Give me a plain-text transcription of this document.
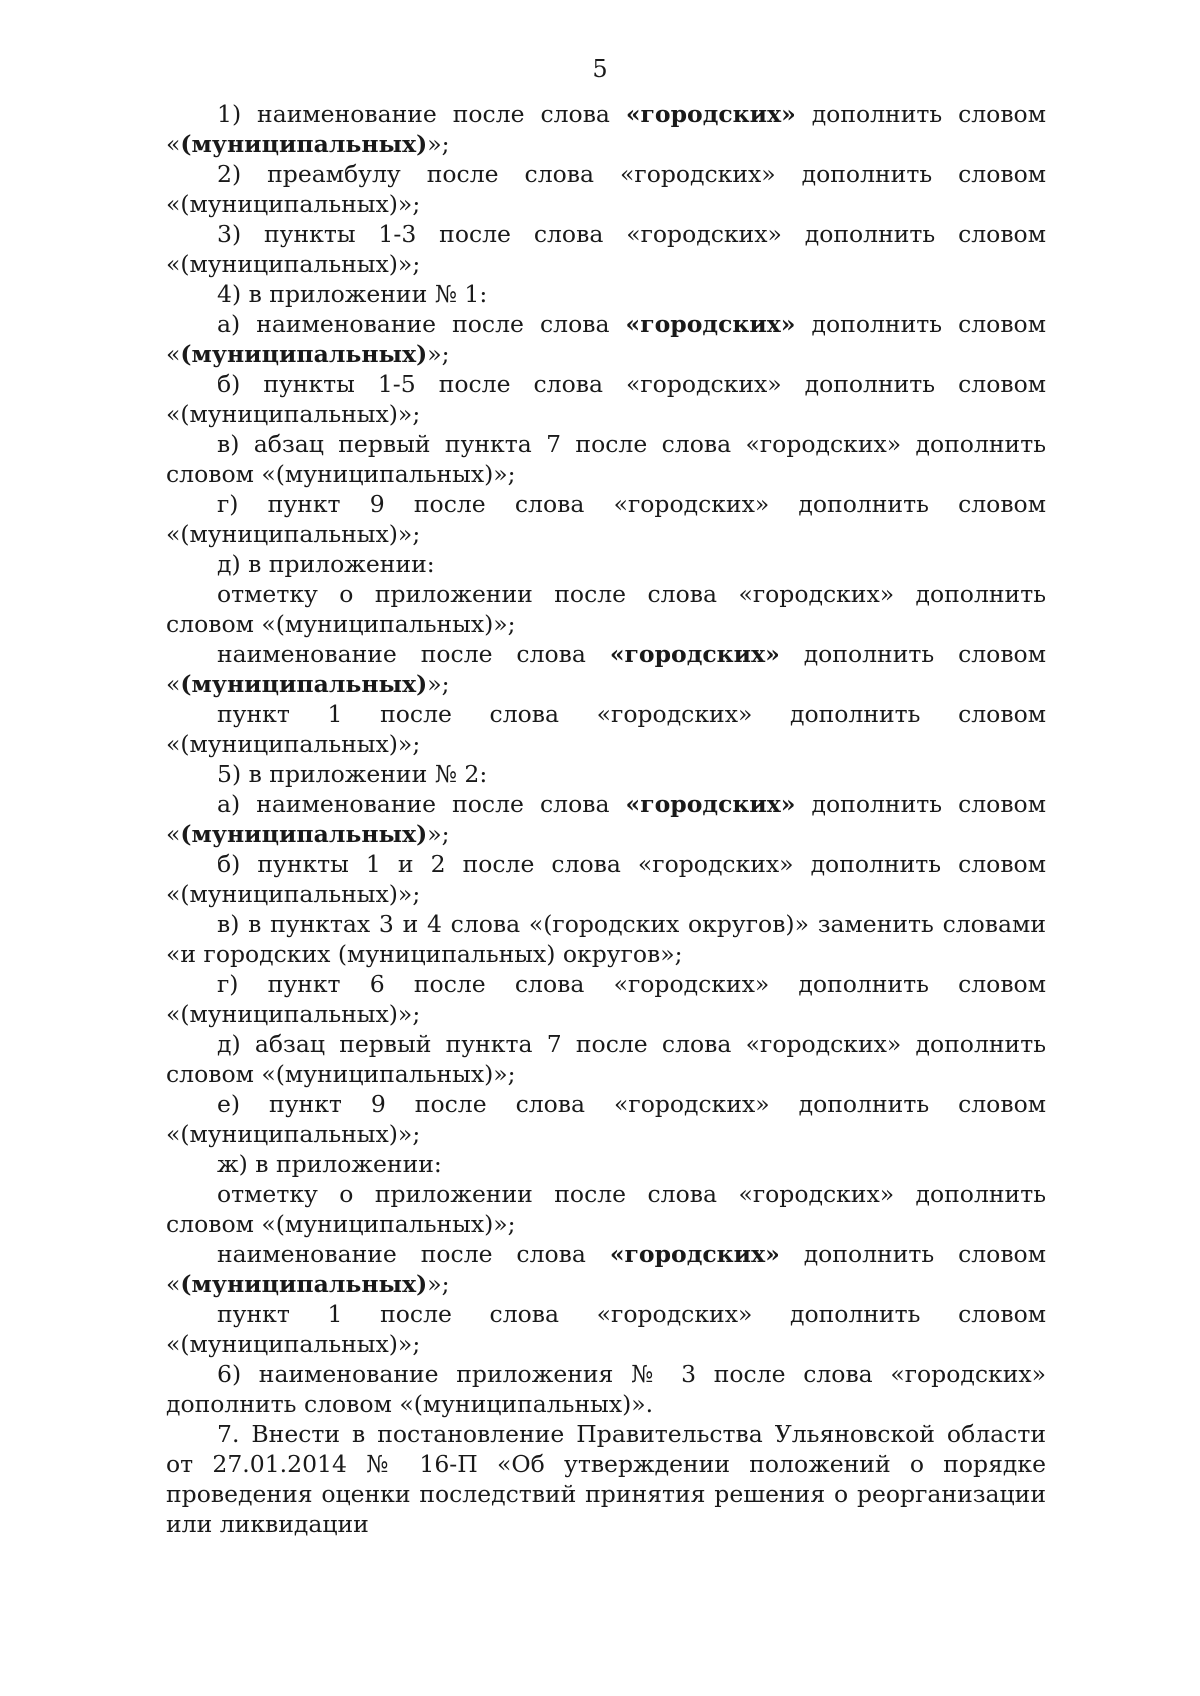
5

1) наименование после слова «городских» дополнить словом «(муниципальных)»;

2) преамбулу после слова «городских» дополнить словом «(муниципальных)»;

3) пункты 1-3 после слова «городских» дополнить словом «(муниципальных)»;

4) в приложении № 1:

а) наименование после слова «городских» дополнить словом «(муниципальных)»;

б) пункты 1-5 после слова «городских» дополнить словом «(муниципальных)»;

в) абзац первый пункта 7 после слова «городских» дополнить словом «(муниципальных)»;

г) пункт 9 после слова «городских» дополнить словом «(муниципальных)»;

д) в приложении:

отметку о приложении после слова «городских» дополнить словом «(муниципальных)»;

наименование после слова «городских» дополнить словом «(муниципальных)»;

пункт 1 после слова «городских» дополнить словом «(муниципальных)»;

5) в приложении № 2:

а) наименование после слова «городских» дополнить словом «(муниципальных)»;

б) пункты 1 и 2 после слова «городских» дополнить словом «(муниципальных)»;

в) в пунктах 3 и 4 слова «(городских округов)» заменить словами «и городских (муниципальных) округов»;

г) пункт 6 после слова «городских» дополнить словом «(муниципальных)»;

д) абзац первый пункта 7 после слова «городских» дополнить словом «(муниципальных)»;

е) пункт 9 после слова «городских» дополнить словом «(муниципальных)»;

ж) в приложении:

отметку о приложении после слова «городских» дополнить словом «(муниципальных)»;

наименование после слова «городских» дополнить словом «(муниципальных)»;

пункт 1 после слова «городских» дополнить словом «(муниципальных)»;

6) наименование приложения № 3 после слова «городских» дополнить словом «(муниципальных)».

7. Внести в постановление Правительства Ульяновской области от 27.01.2014 № 16-П «Об утверждении положений о порядке проведения оценки последствий принятия решения о реорганизации или ликвидации
